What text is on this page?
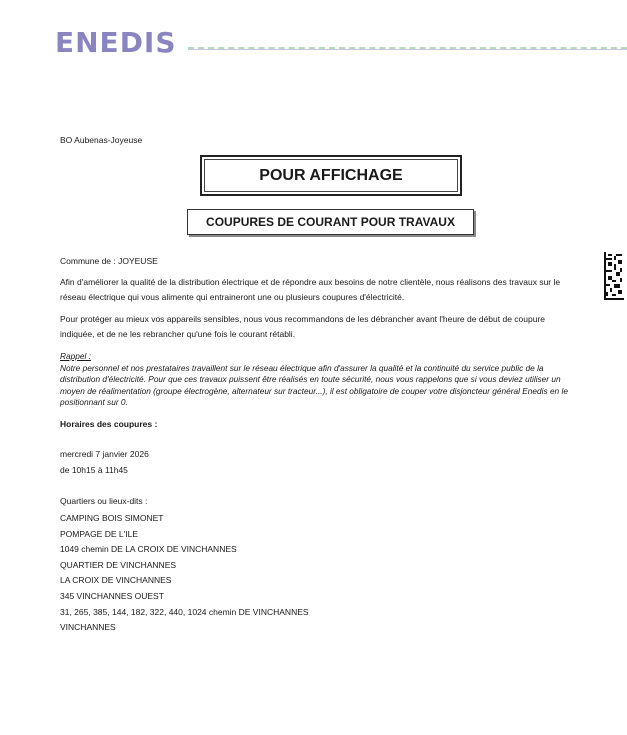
ENEDIS
BO Aubenas-Joyeuse
POUR AFFICHAGE
COUPURES DE COURANT POUR TRAVAUX
Commune de : JOYEUSE
Afin d'améliorer la qualité de la distribution électrique et de répondre aux besoins de notre clientèle, nous réalisons des travaux sur le réseau électrique qui vous alimente qui entraineront une ou plusieurs coupures d'électricité.
Pour protéger au mieux vos appareils sensibles, nous vous recommandons de les débrancher avant l'heure de début de coupure indiquée, et de ne les rebrancher qu'une fois le courant rétabli.
Rappel :
Notre personnel et nos prestataires travaillent sur le réseau électrique afin d'assurer la qualité et la continuité du service public de la distribution d'électricité. Pour que ces travaux puissent être réalisés en toute sécurité, nous vous rappelons que si vous deviez utiliser un moyen de réalimentation (groupe électrogène, alternateur sur tracteur...), il est obligatoire de couper votre disjoncteur général Enedis en le positionnant sur 0.
Horaires des coupures :
mercredi 7 janvier 2026
de 10h15 à 11h45
Quartiers ou lieux-dits :
CAMPING BOIS SIMONET
POMPAGE DE L'ILE
1049 chemin DE LA CROIX DE VINCHANNES
QUARTIER DE VINCHANNES
LA CROIX DE VINCHANNES
345 VINCHANNES OUEST
31, 265, 385, 144, 182, 322, 440, 1024 chemin DE VINCHANNES
VINCHANNES
